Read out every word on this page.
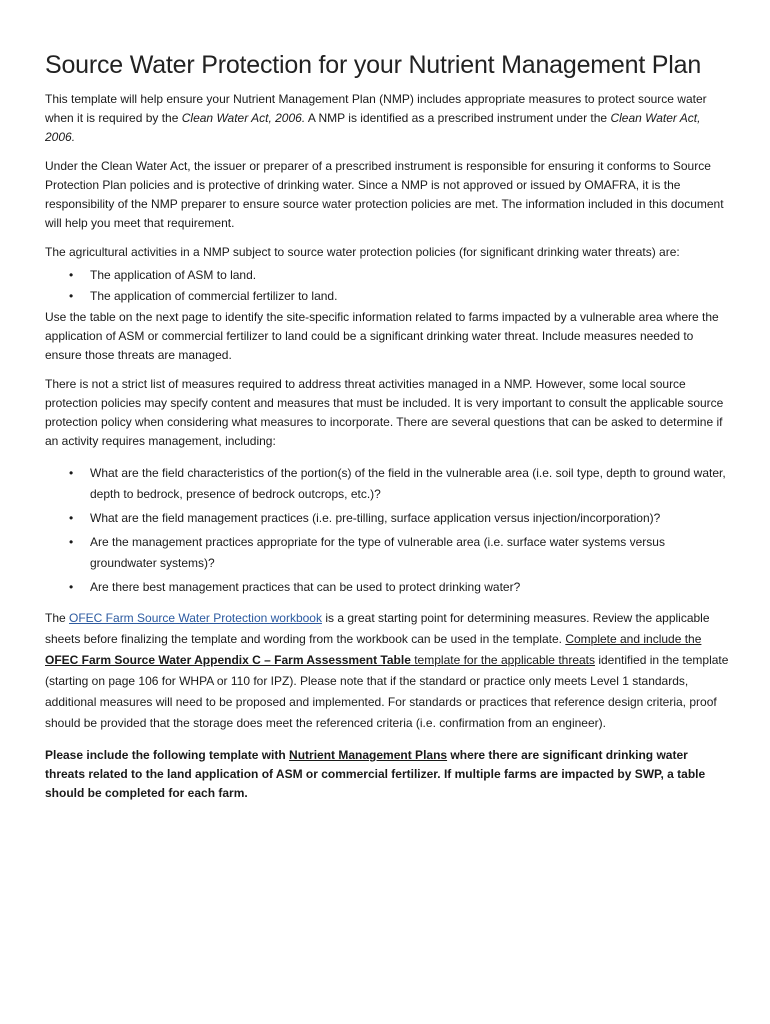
Source Water Protection for your Nutrient Management Plan

This template will help ensure your Nutrient Management Plan (NMP) includes appropriate measures to protect source water when it is required by the Clean Water Act, 2006. A NMP is identified as a prescribed instrument under the Clean Water Act, 2006.

Under the Clean Water Act, the issuer or preparer of a prescribed instrument is responsible for ensuring it conforms to Source Protection Plan policies and is protective of drinking water. Since a NMP is not approved or issued by OMAFRA, it is the responsibility of the NMP preparer to ensure source water protection policies are met. The information included in this document will help you meet that requirement.

The agricultural activities in a NMP subject to source water protection policies (for significant drinking water threats) are:

• The application of ASM to land.
• The application of commercial fertilizer to land.

Use the table on the next page to identify the site-specific information related to farms impacted by a vulnerable area where the application of ASM or commercial fertilizer to land could be a significant drinking water threat. Include measures needed to ensure those threats are managed.

There is not a strict list of measures required to address threat activities managed in a NMP. However, some local source protection policies may specify content and measures that must be included. It is very important to consult the applicable source protection policy when considering what measures to incorporate. There are several questions that can be asked to determine if an activity requires management, including:

• What are the field characteristics of the portion(s) of the field in the vulnerable area (i.e. soil type, depth to ground water, depth to bedrock, presence of bedrock outcrops, etc.)?
• What are the field management practices (i.e. pre-tilling, surface application versus injection/incorporation)?
• Are the management practices appropriate for the type of vulnerable area (i.e. surface water systems versus groundwater systems)?
• Are there best management practices that can be used to protect drinking water?

The OFEC Farm Source Water Protection workbook is a great starting point for determining measures. Review the applicable sheets before finalizing the template and wording from the workbook can be used in the template. Complete and include the OFEC Farm Source Water Appendix C – Farm Assessment Table template for the applicable threats identified in the template (starting on page 106 for WHPA or 110 for IPZ). Please note that if the standard or practice only meets Level 1 standards, additional measures will need to be proposed and implemented. For standards or practices that reference design criteria, proof should be provided that the storage does meet the referenced criteria (i.e. confirmation from an engineer).

Please include the following template with Nutrient Management Plans where there are significant drinking water threats related to the land application of ASM or commercial fertilizer. If multiple farms are impacted by SWP, a table should be completed for each farm.
